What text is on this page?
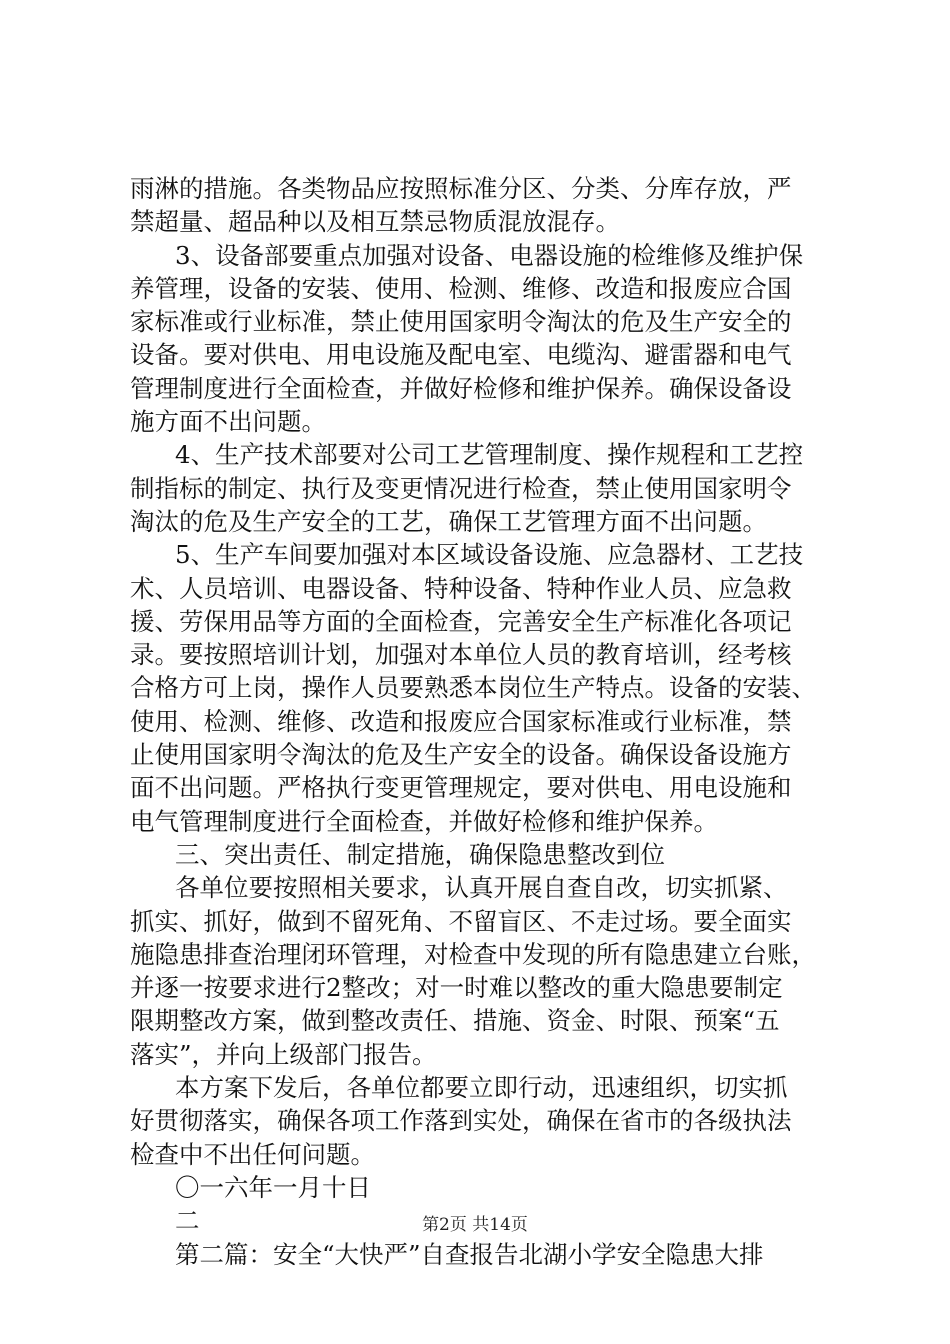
雨淋的措施。各类物品应按照标准分区、分类、分库存放，严
禁超量、超品种以及相互禁忌物质混放混存。
3、设备部要重点加强对设备、电器设施的检维修及维护保
养管理，设备的安装、使用、检测、维修、改造和报废应合国
家标准或行业标准，禁止使用国家明令淘汰的危及生产安全的
设备。要对供电、用电设施及配电室、电缆沟、避雷器和电气
管理制度进行全面检查，并做好检修和维护保养。确保设备设
施方面不出问题。
4、生产技术部要对公司工艺管理制度、操作规程和工艺控
制指标的制定、执行及变更情况进行检查，禁止使用国家明令
淘汰的危及生产安全的工艺，确保工艺管理方面不出问题。
5、生产车间要加强对本区域设备设施、应急器材、工艺技
术、人员培训、电器设备、特种设备、特种作业人员、应急救
援、劳保用品等方面的全面检查，完善安全生产标准化各项记
录。要按照培训计划，加强对本单位人员的教育培训，经考核
合格方可上岗，操作人员要熟悉本岗位生产特点。设备的安装、
使用、检测、维修、改造和报废应合国家标准或行业标准，禁
止使用国家明令淘汰的危及生产安全的设备。确保设备设施方
面不出问题。严格执行变更管理规定，要对供电、用电设施和
电气管理制度进行全面检查，并做好检修和维护保养。
三、突出责任、制定措施，确保隐患整改到位
各单位要按照相关要求，认真开展自查自改，切实抓紧、
抓实、抓好，做到不留死角、不留盲区、不走过场。要全面实
施隐患排查治理闭环管理，对检查中发现的所有隐患建立台账，
并逐一按要求进行2整改；对一时难以整改的重大隐患要制定
限期整改方案，做到整改责任、措施、资金、时限、预案“五
落实”，并向上级部门报告。
本方案下发后，各单位都要立即行动，迅速组织，切实抓
好贯彻落实，确保各项工作落到实处，确保在省市的各级执法
检查中不出任何问题。
〇一六年一月十日
二
第二篇：安全“大快严”自查报告北湖小学安全隐患大排
第2页 共14页
